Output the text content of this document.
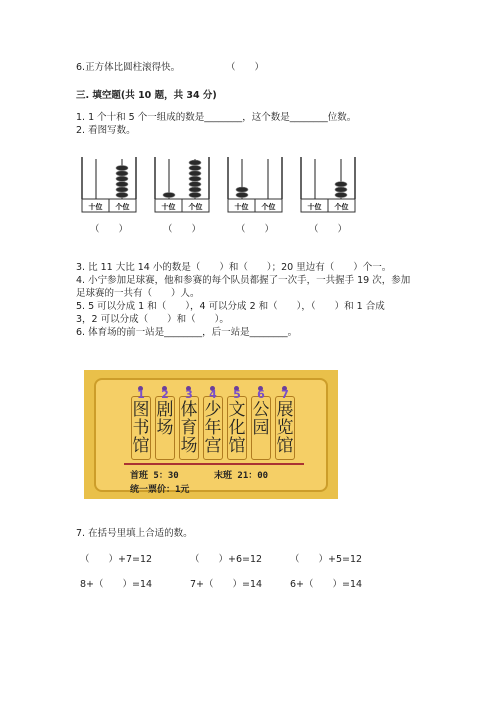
6.正方体比圆柱滚得快。	（　　）
三. 填空题(共 10 题，共 34 分)
1. 1 个十和 5 个一组成的数是________，这个数是________位数。
2. 看图写数。
十位 个位
（　　）
十位 个位
（　　）
十位 个位
（　　）
十位 个位
（　　）
3. 比 11 大比 14 小的数是（　　）和（　　）；20 里边有（　　）个一。
4. 小宁参加足球赛，他和参赛的每个队员都握了一次手，一共握手 19 次，参加
足球赛的一共有（　　）人。
5. 5 可以分成 1 和（　　），4 可以分成 2 和（　　），（　　）和 1 合成
3，2 可以分成（　　）和（　　）。
6. 体育场的前一站是________，后一站是________。
1
图
书
馆
2
剧
场
3
体
育
场
4
少
年
宫
5
文
化
馆
6
公
园
7
展
览
馆
首班 5：30	末班 21：00
统一票价：1元
7. 在括号里填上合适的数。
（　　）+7=12	（　　）+6=12	（　　）+5=12
8+（　　）=14	7+（　　）=14	6+（　　）=14
